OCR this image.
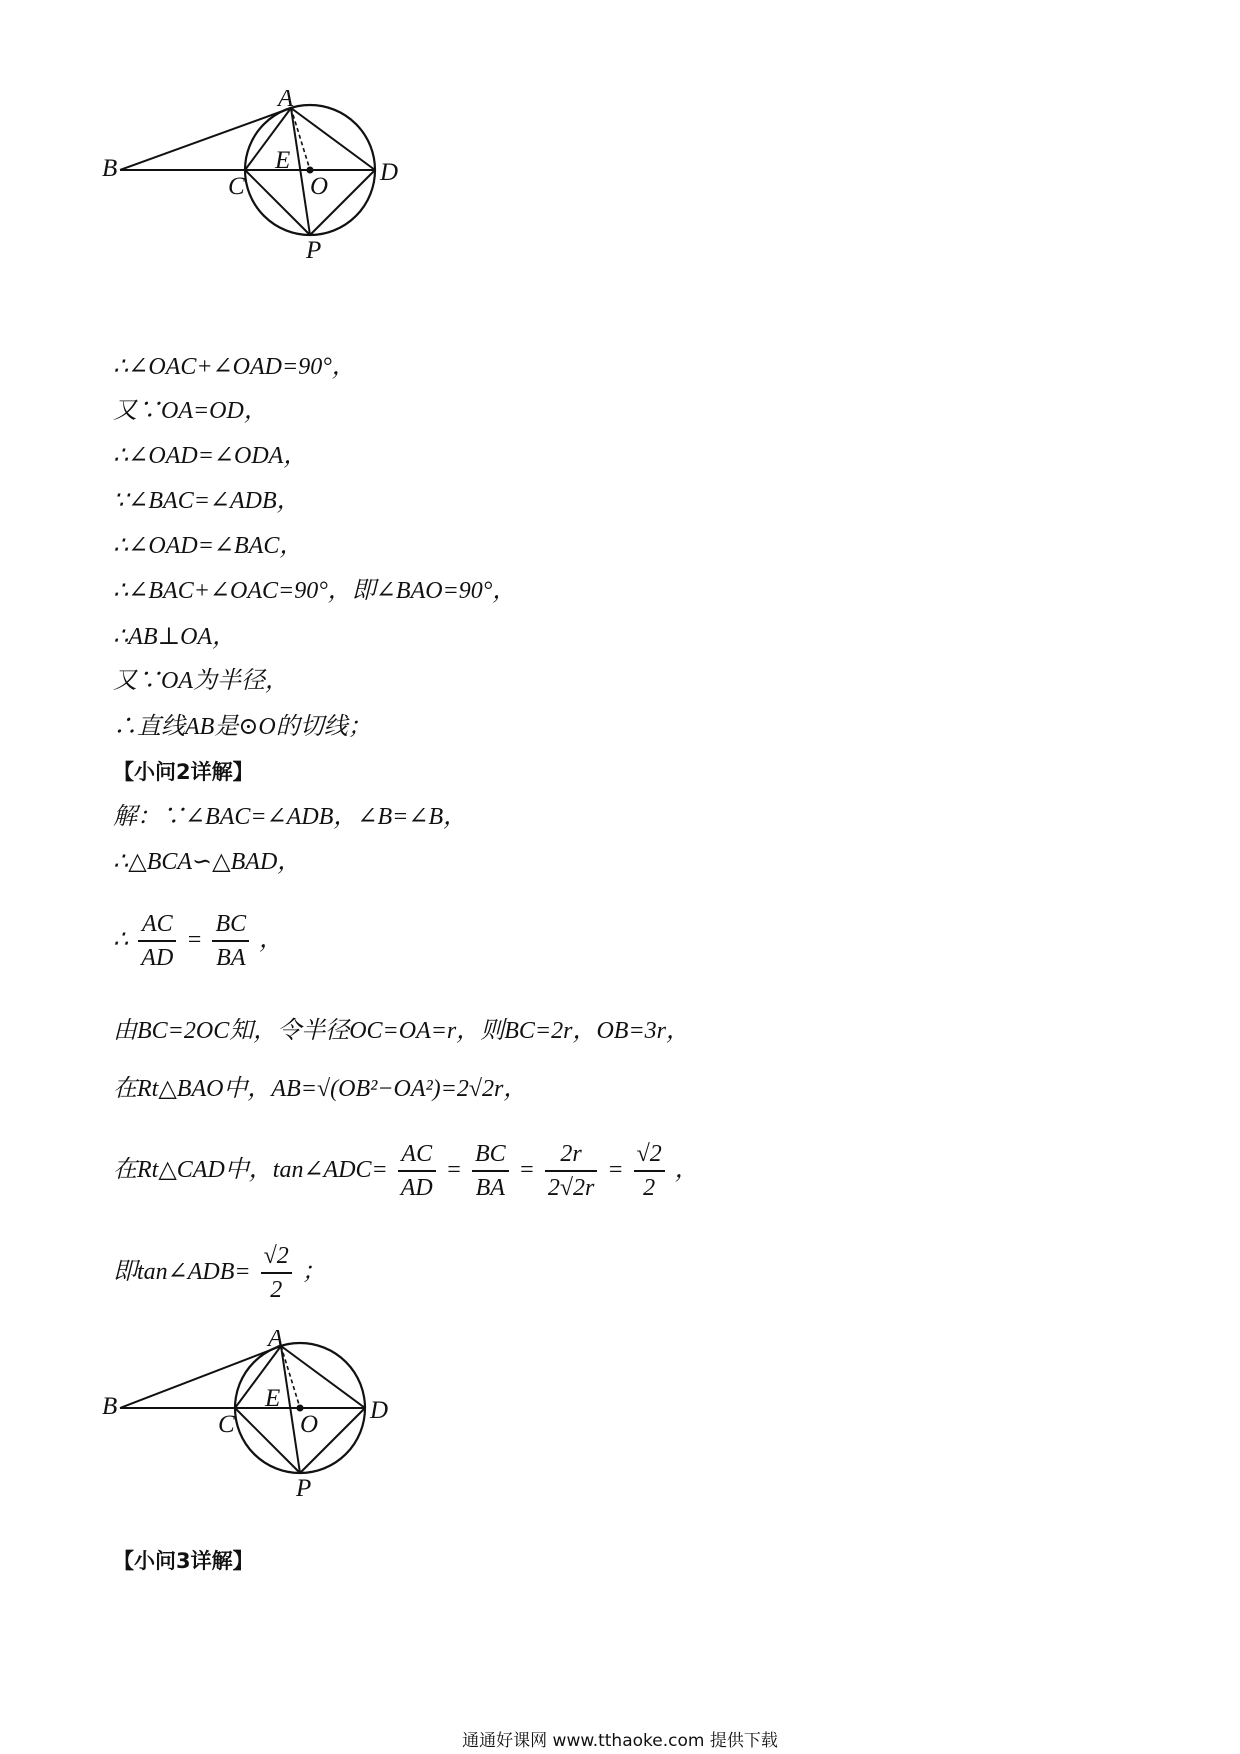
A
B
C
D
E
O
P
∴∠OAC+∠OAD=90°，
又∵OA=OD，
∴∠OAD=∠ODA，
∵∠BAC=∠ADB，
∴∠OAD=∠BAC，
∴∠BAC+∠OAC=90°，即∠BAO=90°，
∴AB⊥OA，
又∵OA为半径，
∴直线AB是⊙O的切线；
【小问2详解】
解：∵∠BAC=∠ADB，∠B=∠B，
∴△BCA∽△BAD，
∴ $\frac{AC}{AD} = \frac{BC}{BA}$ ，
由BC=2OC知，令半径OC=OA=r，则BC=2r，OB=3r，
在Rt△BAO中，AB=√(OB²−OA²)=2√2r，
在Rt△CAD中，tan∠ADC= $\frac{AC}{AD} = \frac{BC}{BA} = \frac{2r}{2√2r} = \frac{√2}{2}$ ，
即tan∠ADB= $\frac{√2}{2}$ ；
A
B
C
D
E
O
P
【小问3详解】
通通好课网 www.tthaoke.com 提供下载
